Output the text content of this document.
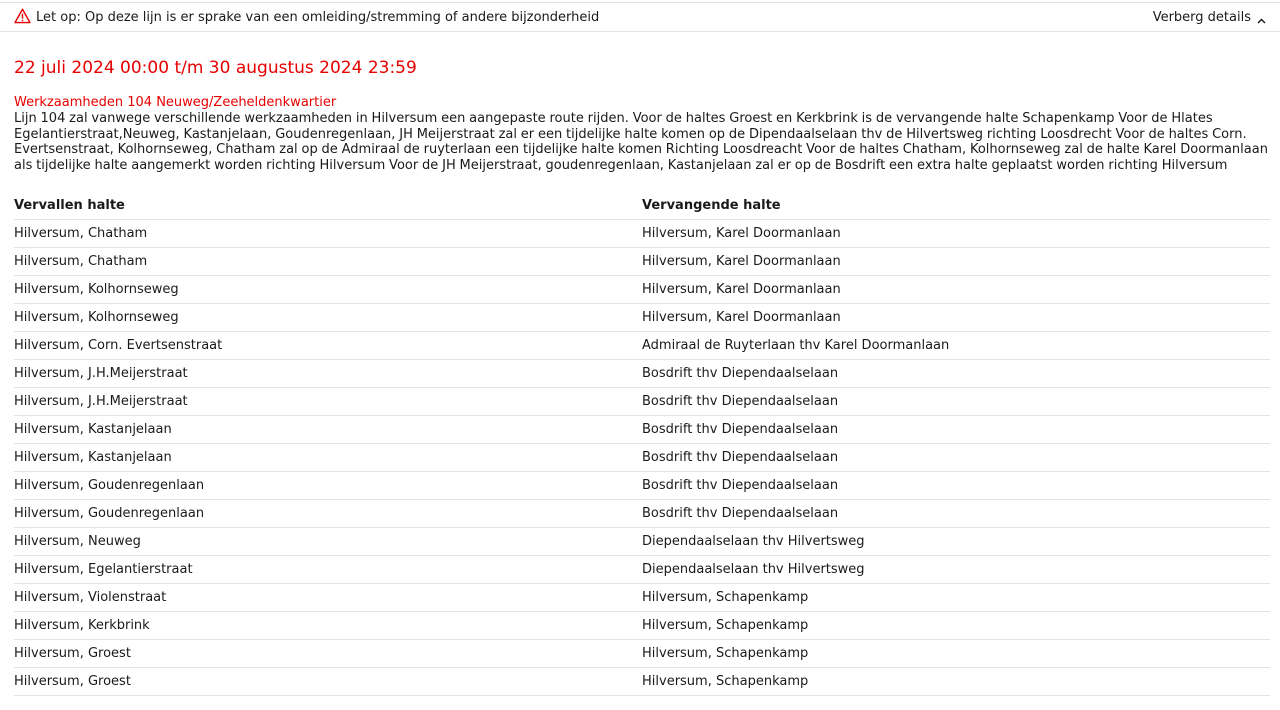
Let op: Op deze lijn is er sprake van een omleiding/stremming of andere bijzonderheid	Verberg details
22 juli 2024 00:00 t/m 30 augustus 2024 23:59

Werkzaamheden 104 Neuweg/Zeeheldenkwartier

Lijn 104 zal vanwege verschillende werkzaamheden in Hilversum een aangepaste route rijden. Voor de haltes Groest en Kerkbrink is de vervangende halte Schapenkamp Voor de Hlates Egelantierstraat,Neuweg, Kastanjelaan, Goudenregenlaan, JH Meijerstraat zal er een tijdelijke halte komen op de Dipendaalselaan thv de Hilvertsweg richting Loosdrecht Voor de haltes Corn. Evertsenstraat, Kolhornseweg, Chatham zal op de Admiraal de ruyterlaan een tijdelijke halte komen Richting Loosdreacht Voor de haltes Chatham, Kolhornseweg zal de halte Karel Doormanlaan als tijdelijke halte aangemerkt worden richting Hilversum Voor de JH Meijerstraat, goudenregenlaan, Kastanjelaan zal er op de Bosdrift een extra halte geplaatst worden richting Hilversum

Vervallen halte	Vervangende halte
Hilversum, Chatham	Hilversum, Karel Doormanlaan
Hilversum, Chatham	Hilversum, Karel Doormanlaan
Hilversum, Kolhornseweg	Hilversum, Karel Doormanlaan
Hilversum, Kolhornseweg	Hilversum, Karel Doormanlaan
Hilversum, Corn. Evertsenstraat	Admiraal de Ruyterlaan thv Karel Doormanlaan
Hilversum, J.H.Meijerstraat	Bosdrift thv Diependaalselaan
Hilversum, J.H.Meijerstraat	Bosdrift thv Diependaalselaan
Hilversum, Kastanjelaan	Bosdrift thv Diependaalselaan
Hilversum, Kastanjelaan	Bosdrift thv Diependaalselaan
Hilversum, Goudenregenlaan	Bosdrift thv Diependaalselaan
Hilversum, Goudenregenlaan	Bosdrift thv Diependaalselaan
Hilversum, Neuweg	Diependaalselaan thv Hilvertsweg
Hilversum, Egelantierstraat	Diependaalselaan thv Hilvertsweg
Hilversum, Violenstraat	Hilversum, Schapenkamp
Hilversum, Kerkbrink	Hilversum, Schapenkamp
Hilversum, Groest	Hilversum, Schapenkamp
Hilversum, Groest	Hilversum, Schapenkamp
